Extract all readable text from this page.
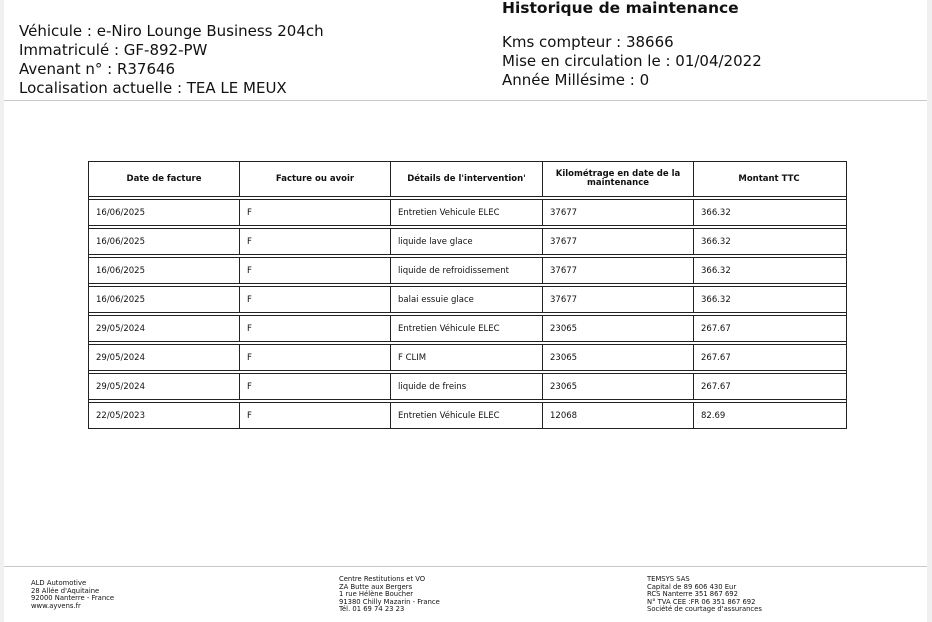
Véhicule : e-Niro Lounge Business 204ch
Immatriculé : GF-892-PW
Avenant n° : R37646
Localisation actuelle : TEA LE MEUX
Historique de maintenance
Kms compteur : 38666
Mise en circulation le : 01/04/2022
Année Millésime : 0
Date de facture	Facture ou avoir	Détails de l'intervention'	Kilométrage en date de la maintenance	Montant TTC
16/06/2025	F	Entretien Vehicule ELEC	37677	366.32
16/06/2025	F	liquide lave glace	37677	366.32
16/06/2025	F	liquide de refroidissement	37677	366.32
16/06/2025	F	balai essuie glace	37677	366.32
29/05/2024	F	Entretien Véhicule ELEC	23065	267.67
29/05/2024	F	F CLIM	23065	267.67
29/05/2024	F	liquide de freins	23065	267.67
22/05/2023	F	Entretien Véhicule ELEC	12068	82.69
ALD Automotive
28 Allée d'Aquitaine
92000 Nanterre - France
www.ayvens.fr
Centre Restitutions et VO
ZA Butte aux Bergers
1 rue Hélène Boucher
91380 Chilly Mazarin - France
Tél. 01 69 74 23 23
TEMSYS SAS
Capital de 89 606 430 Eur
RCS Nanterre 351 867 692
N° TVA CEE :FR 06 351 867 692
Société de courtage d'assurances
